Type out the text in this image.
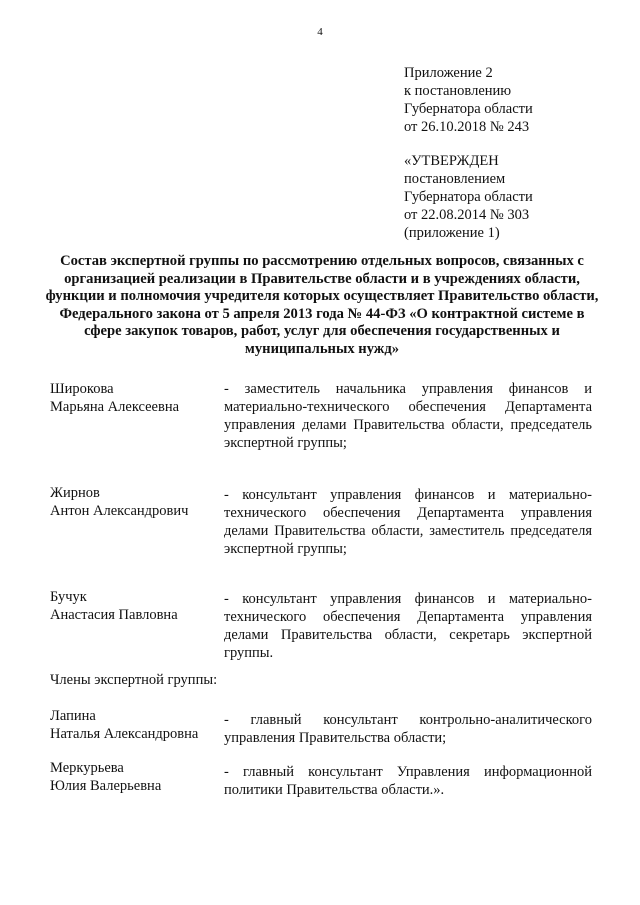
4
Приложение 2
к постановлению
Губернатора области
от 26.10.2018 № 243
«УТВЕРЖДЕН
постановлением
Губернатора области
от 22.08.2014 № 303
(приложение 1)
Состав экспертной группы по рассмотрению отдельных вопросов, связанных с организацией реализации в Правительстве области и в учреждениях области, функции и полномочия учредителя которых осуществляет Правительство области, Федерального закона от 5 апреля 2013 года № 44-ФЗ «О контрактной системе в сфере закупок товаров, работ, услуг для обеспечения государственных и муниципальных нужд»
Широкова
Марьяна Алексеевна
- заместитель начальника управления финансов и материально-технического обеспечения Департамента управления делами Правительства области, председатель экспертной группы;
Жирнов
Антон Александрович
- консультант управления финансов и материально-технического обеспечения Департамента управления делами Правительства области, заместитель председателя экспертной группы;
Бучук
Анастасия Павловна
- консультант управления финансов и материально-технического обеспечения Департамента управления делами Правительства области, секретарь экспертной группы.
Члены экспертной группы:
Лапина
Наталья Александровна
- главный консультант контрольно-аналитического управления Правительства области;
Меркурьева
Юлия Валерьевна
- главный консультант Управления информационной политики Правительства области.».
